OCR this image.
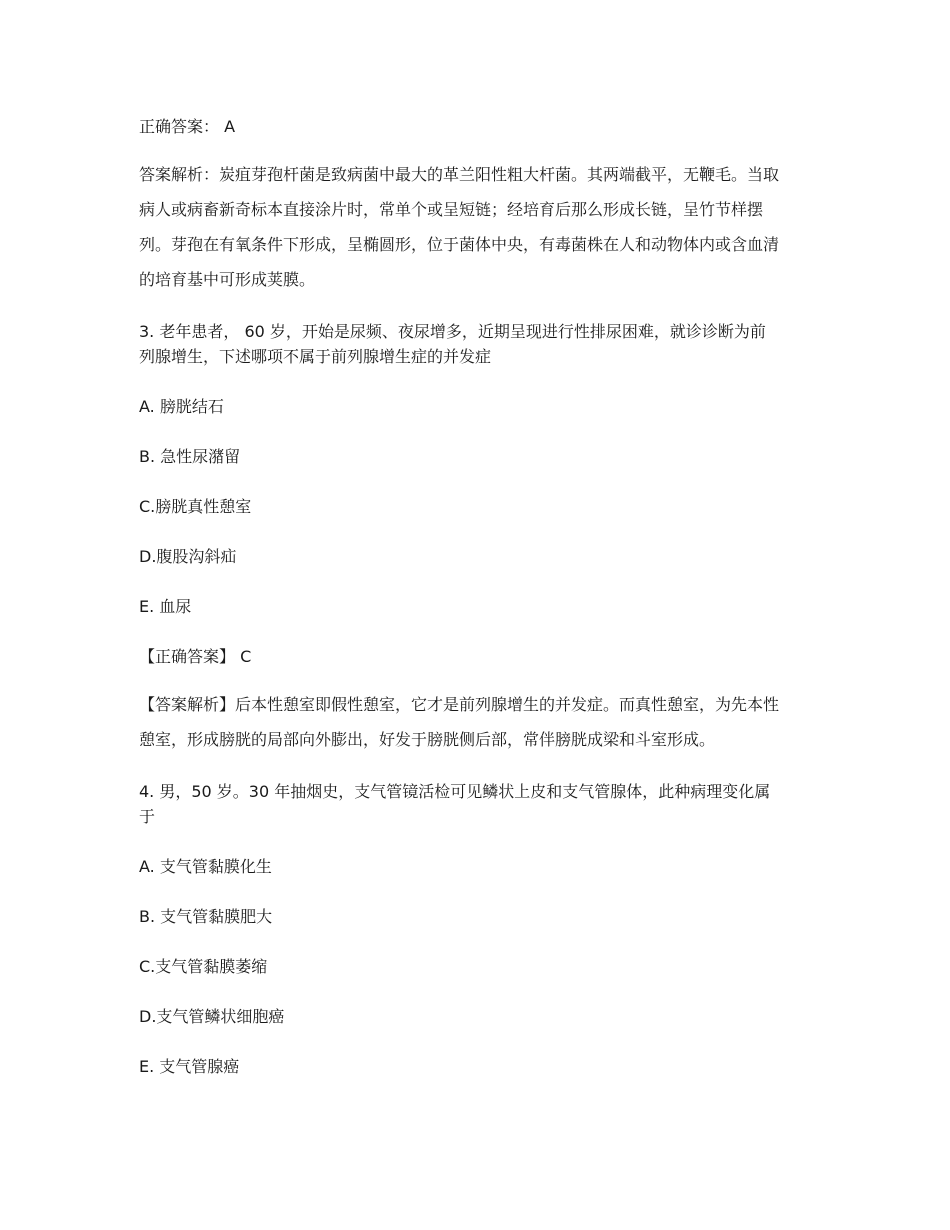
正确答案： A

答案解析：炭疽芽孢杆菌是致病菌中最大的革兰阳性粗大杆菌。其两端截平，无鞭毛。当取病人或病畜新奇标本直接涂片时，常单个或呈短链；经培育后那么形成长链，呈竹节样摆列。芽孢在有氧条件下形成，呈椭圆形，位于菌体中央，有毒菌株在人和动物体内或含血清的培育基中可形成荚膜。

3. 老年患者， 60 岁，开始是尿频、夜尿增多，近期呈现进行性排尿困难，就诊诊断为前列腺增生，下述哪项不属于前列腺增生症的并发症

A. 膀胱结石

B. 急性尿潴留

C.膀胱真性憩室

D.腹股沟斜疝

E. 血尿

【正确答案】 C

【答案解析】后本性憩室即假性憩室，它才是前列腺增生的并发症。而真性憩室，为先本性憩室，形成膀胱的局部向外膨出，好发于膀胱侧后部，常伴膀胱成梁和斗室形成。

4. 男，50 岁。30 年抽烟史，支气管镜活检可见鳞状上皮和支气管腺体，此种病理变化属于

A. 支气管黏膜化生

B. 支气管黏膜肥大

C.支气管黏膜萎缩

D.支气管鳞状细胞癌

E. 支气管腺癌
